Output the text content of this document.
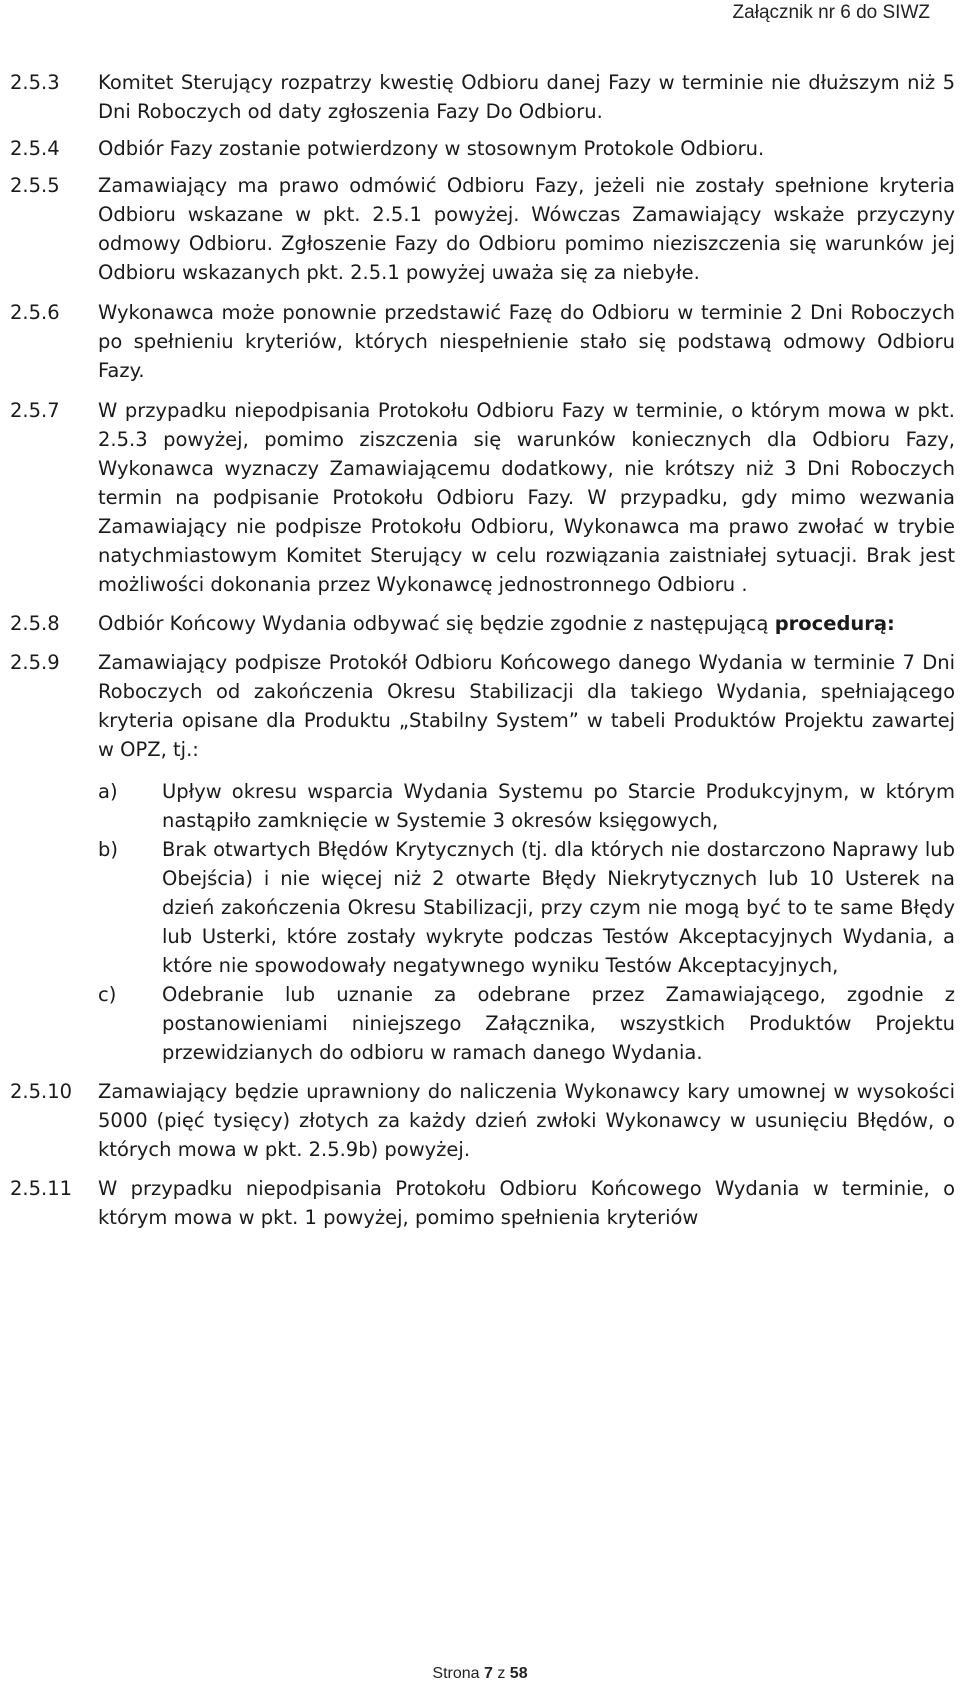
Załącznik nr 6 do SIWZ
2.5.3	Komitet Sterujący rozpatrzy kwestię Odbioru danej Fazy w terminie nie dłuższym niż 5 Dni Roboczych od daty zgłoszenia Fazy Do Odbioru.
2.5.4	Odbiór Fazy zostanie potwierdzony w stosownym Protokole Odbioru.
2.5.5	Zamawiający ma prawo odmówić Odbioru Fazy, jeżeli nie zostały spełnione kryteria Odbioru wskazane w pkt. 2.5.1 powyżej. Wówczas Zamawiający wskaże przyczyny odmowy Odbioru. Zgłoszenie Fazy do Odbioru pomimo nieziszczenia się warunków jej Odbioru wskazanych pkt. 2.5.1 powyżej uważa się za niebyłe.
2.5.6	Wykonawca może ponownie przedstawić Fazę do Odbioru w terminie 2 Dni Roboczych po spełnieniu kryteriów, których niespełnienie stało się podstawą odmowy Odbioru Fazy.
2.5.7	W przypadku niepodpisania Protokołu Odbioru Fazy w terminie, o którym mowa w pkt. 2.5.3 powyżej, pomimo ziszczenia się warunków koniecznych dla Odbioru Fazy, Wykonawca wyznaczy Zamawiającemu dodatkowy, nie krótszy niż 3 Dni Roboczych termin na podpisanie Protokołu Odbioru Fazy. W przypadku, gdy mimo wezwania Zamawiający nie podpisze Protokołu Odbioru, Wykonawca ma prawo zwołać w trybie natychmiastowym Komitet Sterujący w celu rozwiązania zaistniałej sytuacji. Brak jest możliwości dokonania przez Wykonawcę jednostronnego Odbioru .
2.5.8	Odbiór Końcowy Wydania odbywać się będzie zgodnie z następującą procedurą:
2.5.9	Zamawiający podpisze Protokół Odbioru Końcowego danego Wydania w terminie 7 Dni Roboczych od zakończenia Okresu Stabilizacji dla takiego Wydania, spełniającego kryteria opisane dla Produktu „Stabilny System” w tabeli Produktów Projektu zawartej w OPZ, tj.:
a)	Upływ okresu wsparcia Wydania Systemu po Starcie Produkcyjnym, w którym nastąpiło zamknięcie w Systemie 3 okresów księgowych,
b)	Brak otwartych Błędów Krytycznych (tj. dla których nie dostarczono Naprawy lub Obejścia) i nie więcej niż 2 otwarte Błędy Niekrytycznych lub 10 Usterek na dzień zakończenia Okresu Stabilizacji, przy czym nie mogą być to te same Błędy lub Usterki, które zostały wykryte podczas Testów Akceptacyjnych Wydania, a które nie spowodowały negatywnego wyniku Testów Akceptacyjnych,
c)	Odebranie lub uznanie za odebrane przez Zamawiającego, zgodnie z postanowieniami niniejszego Załącznika, wszystkich Produktów Projektu przewidzianych do odbioru w ramach danego Wydania.
2.5.10	Zamawiający będzie uprawniony do naliczenia Wykonawcy kary umownej w wysokości 5000 (pięć tysięcy) złotych za każdy dzień zwłoki Wykonawcy w usunięciu Błędów, o których mowa w pkt. 2.5.9b) powyżej.
2.5.11	W przypadku niepodpisania Protokołu Odbioru Końcowego Wydania w terminie, o którym mowa w pkt. 1 powyżej, pomimo spełnienia kryteriów
Strona 7 z 58
